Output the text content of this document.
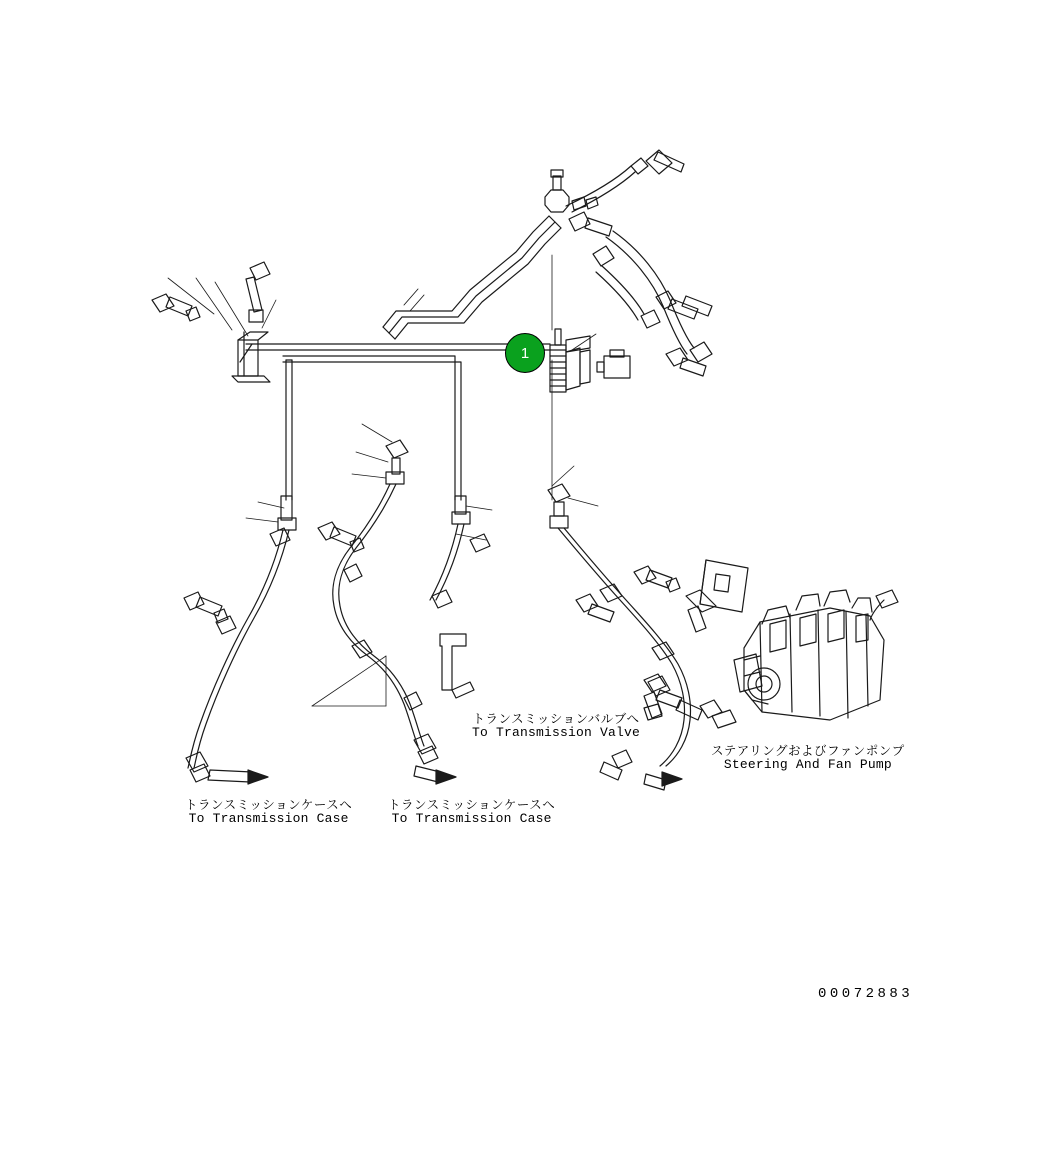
1
トランスミッションバルブへ
To Transmission Valve
ステアリングおよびファンポンプ
Steering And Fan Pump
トランスミッションケースへ
To Transmission Case
トランスミッションケースへ
To Transmission Case
00072883
